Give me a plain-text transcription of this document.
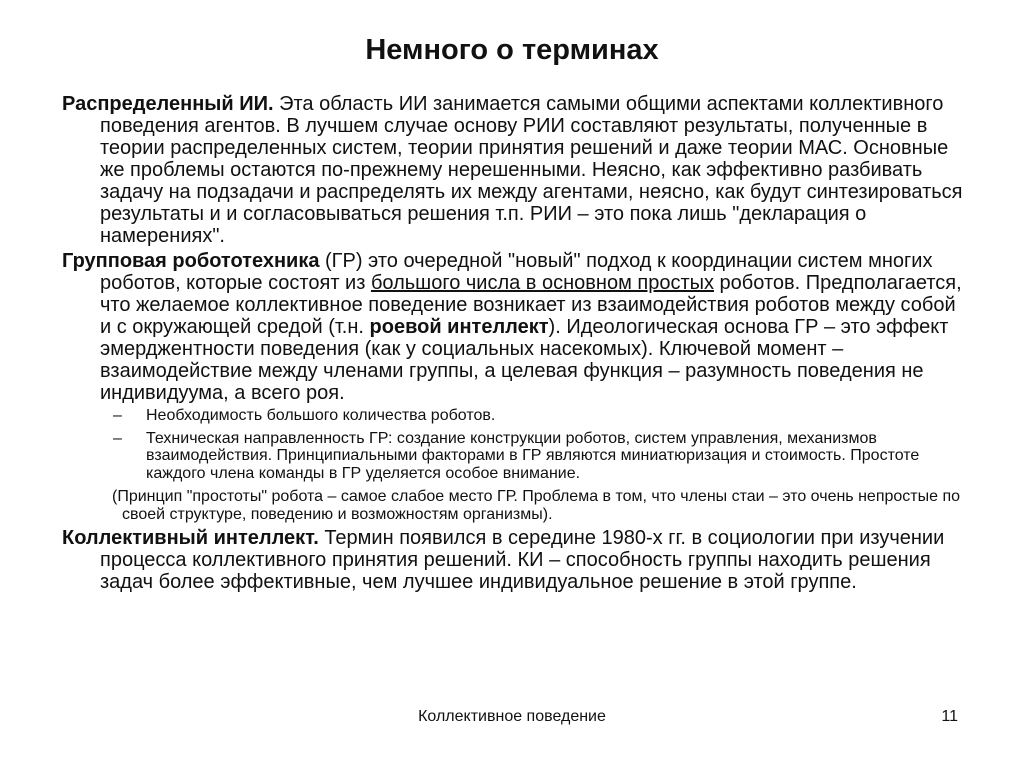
Немного о терминах

Распределенный ИИ. Эта область ИИ занимается самыми общими аспектами коллективного поведения агентов. В лучшем случае основу РИИ составляют результаты, полученные в теории распределенных систем, теории принятия решений и даже теории МАС. Основные же проблемы остаются по-прежнему нерешенными. Неясно, как эффективно разбивать задачу на подзадачи и распределять их между агентами, неясно, как будут синтезироваться результаты и и согласовываться решения т.п. РИИ – это пока лишь "декларация о намерениях".

Групповая робототехника (ГР) это очередной "новый" подход к координации систем многих роботов, которые состоят из большого числа в основном простых роботов. Предполагается, что желаемое коллективное поведение возникает из взаимодействия роботов между собой и с окружающей средой (т.н. роевой интеллект). Идеологическая основа ГР – это эффект эмерджентности поведения (как у социальных насекомых). Ключевой момент – взаимодействие между членами группы, а целевая функция – разумность поведения не индивидуума, а всего роя.

– Необходимость большого количества роботов.
– Техническая направленность ГР: создание конструкции роботов, систем управления, механизмов взаимодействия. Принципиальными факторами в ГР являются миниатюризация и стоимость. Простоте каждого члена команды в ГР уделяется особое внимание.
(Принцип "простоты" робота – самое слабое место ГР. Проблема в том, что члены стаи – это очень непростые по своей структуре, поведению и возможностям организмы).

Коллективный интеллект. Термин появился в середине 1980-х гг. в социологии при изучении процесса коллективного принятия решений. КИ – способность группы находить решения задач более эффективные, чем лучшее индивидуальное решение в этой группе.

Коллективное поведение	11
